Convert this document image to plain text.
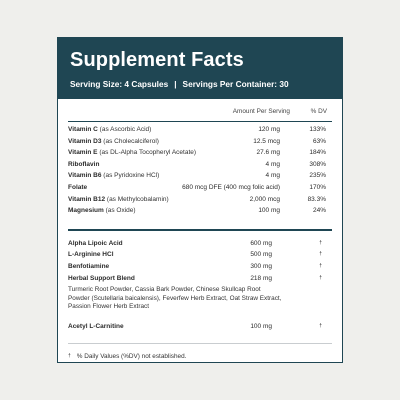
Supplement Facts
Serving Size: 4 Capsules | Servings Per Container: 30
Amount Per Serving	% DV
Vitamin C (as Ascorbic Acid)	120 mg	133%
Vitamin D3 (as Cholecalciferol)	12.5 mcg	63%
Vitamin E (as DL-Alpha Tocopheryl Acetate)	27.6 mg	184%
Riboflavin	4 mg	308%
Vitamin B6 (as Pyridoxine HCl)	4 mg	235%
Folate	680 mcg DFE (400 mcg folic acid)	170%
Vitamin B12 (as Methylcobalamin)	2,000 mcg	83.3%
Magnesium (as Oxide)	100 mg	24%
Alpha Lipoic Acid	600 mg	†
L-Arginine HCl	500 mg	†
Benfotiamine	300 mg	†
Herbal Support Blend	218 mg	†
Turmeric Root Powder, Cassia Bark Powder, Chinese Skullcap Root Powder (Scutellaria baicalensis), Feverfew Herb Extract, Oat Straw Extract, Passion Flower Herb Extract
Acetyl L-Carnitine	100 mg	†
† % Daily Values (%DV) not established.
